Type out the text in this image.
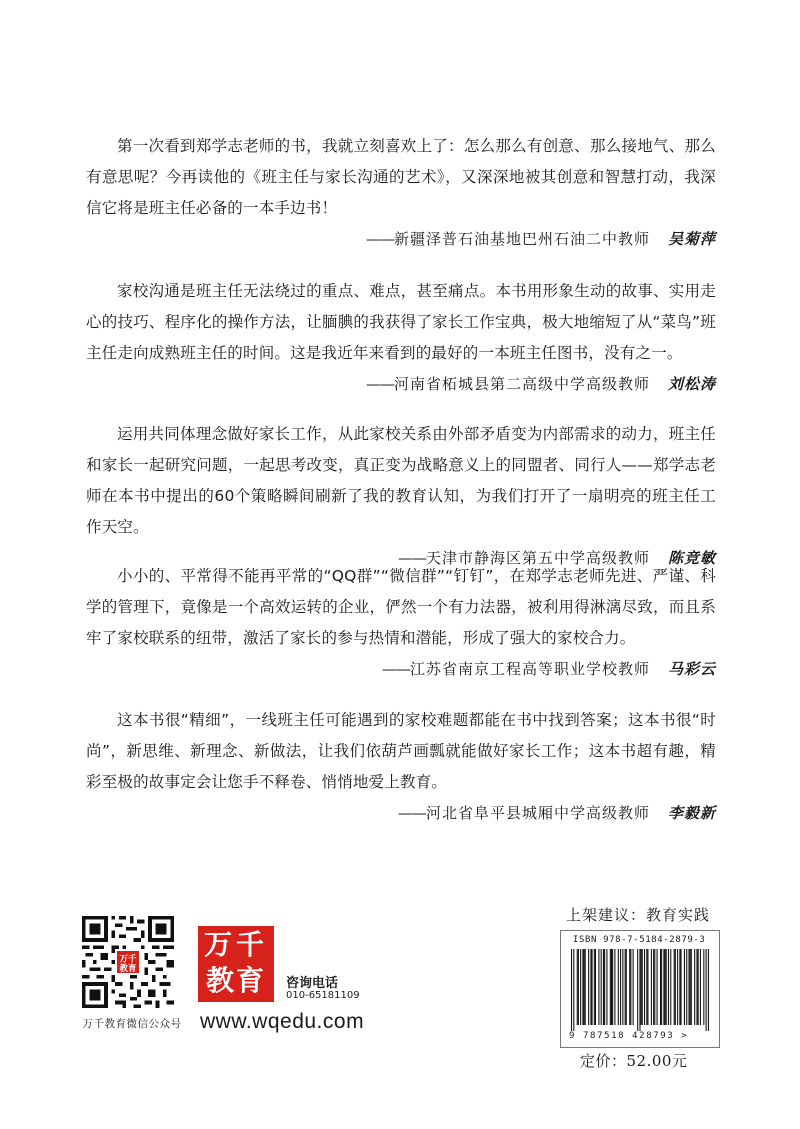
第一次看到郑学志老师的书，我就立刻喜欢上了：怎么那么有创意、那么接地气、那么有意思呢？今再读他的《班主任与家长沟通的艺术》，又深深地被其创意和智慧打动，我深信它将是班主任必备的一本手边书！

——新疆泽普石油基地巴州石油二中教师 吴菊萍

家校沟通是班主任无法绕过的重点、难点，甚至痛点。本书用形象生动的故事、实用走心的技巧、程序化的操作方法，让腼腆的我获得了家长工作宝典，极大地缩短了从“菜鸟”班主任走向成熟班主任的时间。这是我近年来看到的最好的一本班主任图书，没有之一。

——河南省柘城县第二高级中学高级教师 刘松涛

运用共同体理念做好家长工作，从此家校关系由外部矛盾变为内部需求的动力，班主任和家长一起研究问题，一起思考改变，真正变为战略意义上的同盟者、同行人——郑学志老师在本书中提出的60个策略瞬间刷新了我的教育认知，为我们打开了一扇明亮的班主任工作天空。

——天津市静海区第五中学高级教师 陈竞敏

小小的、平常得不能再平常的“QQ群”“微信群”“钉钉”，在郑学志老师先进、严谨、科学的管理下，竟像是一个高效运转的企业，俨然一个有力法器，被利用得淋漓尽致，而且系牢了家校联系的纽带，激活了家长的参与热情和潜能，形成了强大的家校合力。

——江苏省南京工程高等职业学校教师 马彩云

这本书很“精细”，一线班主任可能遇到的家校难题都能在书中找到答案；这本书很“时尚”，新思维、新理念、新做法，让我们依葫芦画瓢就能做好家长工作；这本书超有趣，精彩至极的故事定会让您手不释卷、悄悄地爱上教育。

——河北省阜平县城厢中学高级教师 李毅新

万千
教育
万千教育微信公众号
万千
教育	咨询电话
010-65181109
www.wqedu.com
上架建议：教育实践
ISBN 978-7-5184-2879-3
9 787518 428793 >
定价：52.00元
